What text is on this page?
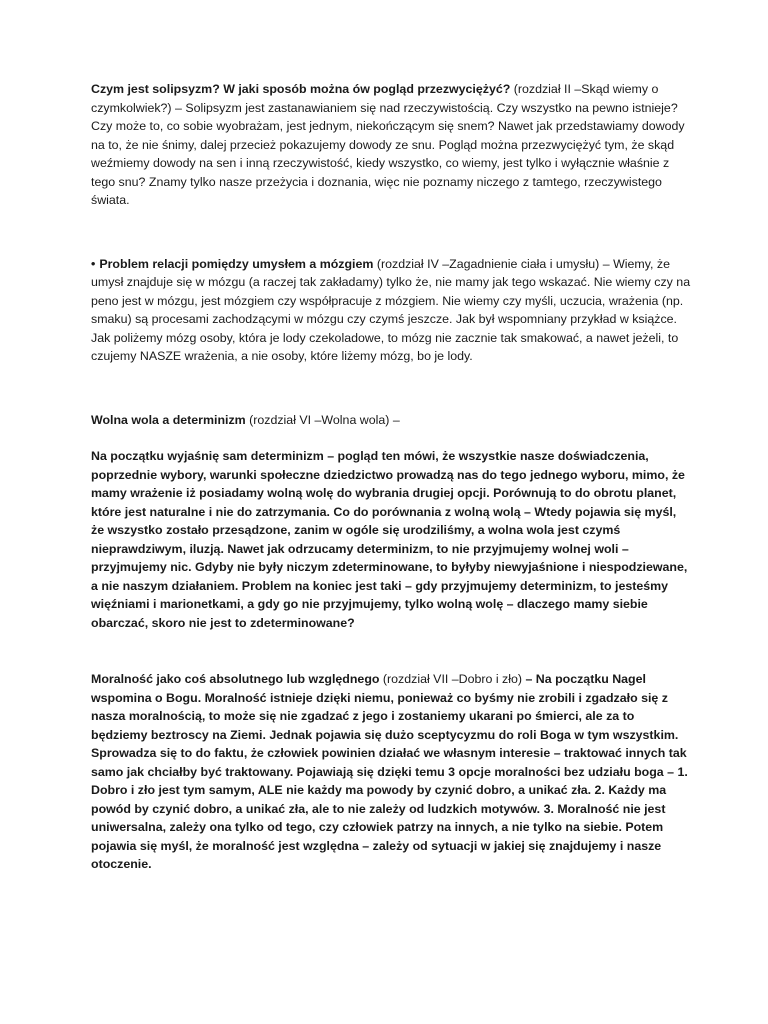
Czym jest solipsyzm? W jaki sposób można ów pogląd przezwyciężyć? (rozdział II –Skąd wiemy o czymkolwiek?) – Solipsyzm jest zastanawianiem się nad rzeczywistością. Czy wszystko na pewno istnieje? Czy może to, co sobie wyobrażam, jest jednym, niekończącym się snem? Nawet jak przedstawiamy dowody na to, że nie śnimy, dalej przecież pokazujemy dowody ze snu. Pogląd można przezwyciężyć tym, że skąd weźmiemy dowody na sen i inną rzeczywistość, kiedy wszystko, co wiemy, jest tylko i wyłącznie właśnie z tego snu? Znamy tylko nasze przeżycia i doznania, więc nie poznamy niczego z tamtego, rzeczywistego świata.

• Problem relacji pomiędzy umysłem a mózgiem (rozdział IV –Zagadnienie ciała i umysłu) – Wiemy, że umysł znajduje się w mózgu (a raczej tak zakładamy) tylko że, nie mamy jak tego wskazać. Nie wiemy czy na peno jest w mózgu, jest mózgiem czy współpracuje z mózgiem. Nie wiemy czy myśli, uczucia, wrażenia (np. smaku) są procesami zachodzącymi w mózgu czy czymś jeszcze. Jak był wspomniany przykład w książce. Jak poliżemy mózg osoby, która je lody czekoladowe, to mózg nie zacznie tak smakować, a nawet jeżeli, to czujemy NASZE wrażenia, a nie osoby, które liżemy mózg, bo je lody.

Wolna wola a determinizm (rozdział VI –Wolna wola) –

Na początku wyjaśnię sam determinizm – pogląd ten mówi, że wszystkie nasze doświadczenia, poprzednie wybory, warunki społeczne dziedzictwo prowadzą nas do tego jednego wyboru, mimo, że mamy wrażenie iż posiadamy wolną wolę do wybrania drugiej opcji. Porównują to do obrotu planet, które jest naturalne i nie do zatrzymania. Co do porównania z wolną wolą – Wtedy pojawia się myśl, że wszystko zostało przesądzone, zanim w ogóle się urodziliśmy, a wolna wola jest czymś nieprawdziwym, iluzją. Nawet jak odrzucamy determinizm, to nie przyjmujemy wolnej woli – przyjmujemy nic. Gdyby nie były niczym zdeterminowane, to byłyby niewyjaśnione i niespodziewane, a nie naszym działaniem. Problem na koniec jest taki – gdy przyjmujemy determinizm, to jesteśmy więźniami i marionetkami, a gdy go nie przyjmujemy, tylko wolną wolę – dlaczego mamy siebie obarczać, skoro nie jest to zdeterminowane?

Moralność jako coś absolutnego lub względnego (rozdział VII –Dobro i zło) – Na początku Nagel wspomina o Bogu. Moralność istnieje dzięki niemu, ponieważ co byśmy nie zrobili i zgadzało się z nasza moralnością, to może się nie zgadzać z jego i zostaniemy ukarani po śmierci, ale za to będziemy beztroscy na Ziemi. Jednak pojawia się dużo sceptycyzmu do roli Boga w tym wszystkim. Sprowadza się to do faktu, że człowiek powinien działać we własnym interesie – traktować innych tak samo jak chciałby być traktowany. Pojawiają się dzięki temu 3 opcje moralności bez udziału boga – 1. Dobro i zło jest tym samym, ALE nie każdy ma powody by czynić dobro, a unikać zła. 2. Każdy ma powód by czynić dobro, a unikać zła, ale to nie zależy od ludzkich motywów. 3. Moralność nie jest uniwersalna, zależy ona tylko od tego, czy człowiek patrzy na innych, a nie tylko na siebie. Potem pojawia się myśl, że moralność jest względna – zależy od sytuacji w jakiej się znajdujemy i nasze otoczenie.
